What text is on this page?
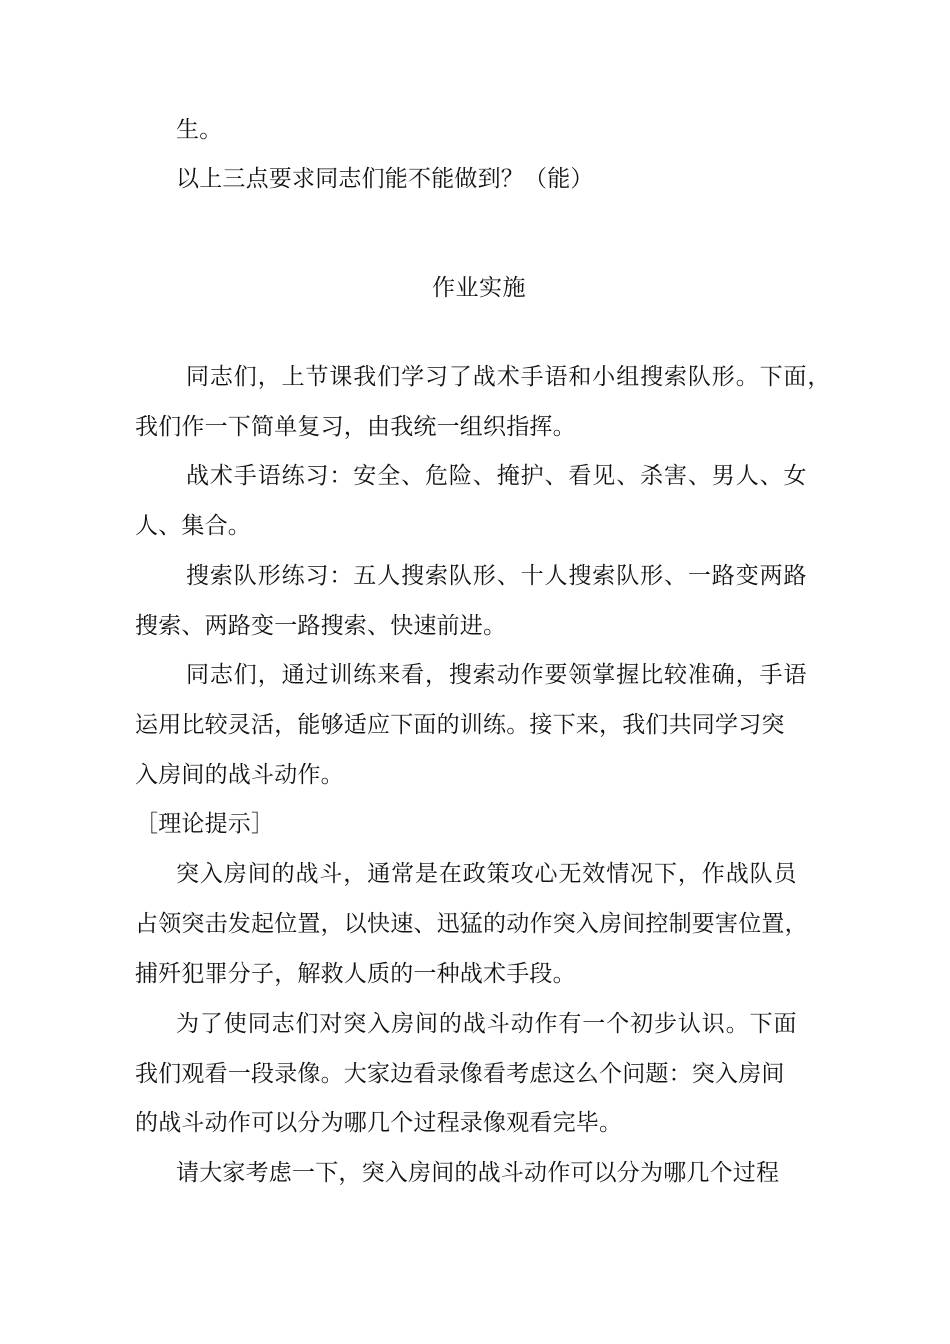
生。
以上三点要求同志们能不能做到？（能）
作业实施
同志们，上节课我们学习了战术手语和小组搜索队形。下面，
我们作一下简单复习，由我统一组织指挥。
战术手语练习：安全、危险、掩护、看见、杀害、男人、女
人、集合。
搜索队形练习：五人搜索队形、十人搜索队形、一路变两路
搜索、两路变一路搜索、快速前进。
同志们，通过训练来看，搜索动作要领掌握比较准确，手语
运用比较灵活，能够适应下面的训练。接下来，我们共同学习突
入房间的战斗动作。
［理论提示］
突入房间的战斗，通常是在政策攻心无效情况下，作战队员
占领突击发起位置，以快速、迅猛的动作突入房间控制要害位置，
捕歼犯罪分子，解救人质的一种战术手段。
为了使同志们对突入房间的战斗动作有一个初步认识。下面
我们观看一段录像。大家边看录像看考虑这么个问题：突入房间
的战斗动作可以分为哪几个过程录像观看完毕。
请大家考虑一下，突入房间的战斗动作可以分为哪几个过程
